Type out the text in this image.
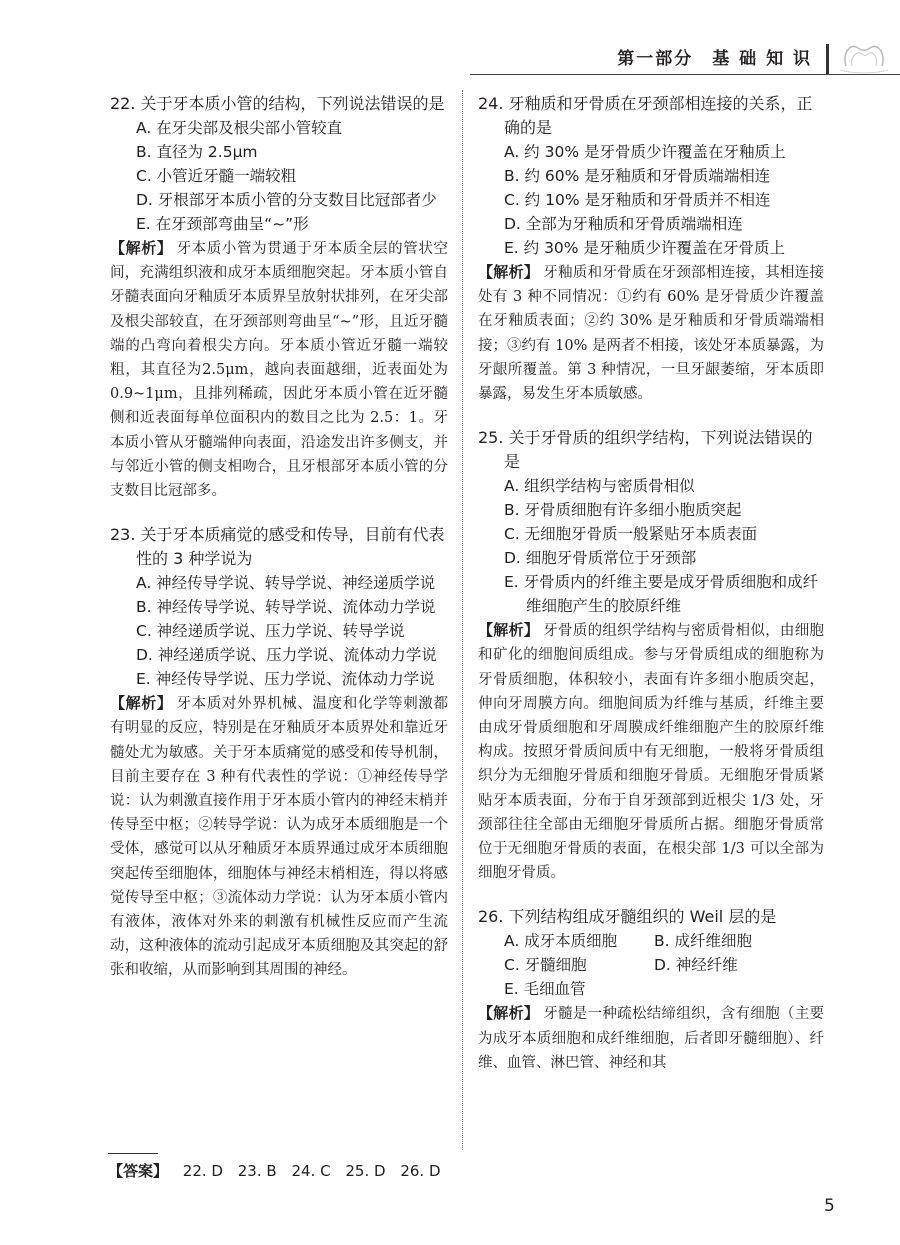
第一部分　基 础 知 识

22. 关于牙本质小管的结构，下列说法错误的是

A. 在牙尖部及根尖部小管较直

B. 直径为 2.5μm

C. 小管近牙髓一端较粗

D. 牙根部牙本质小管的分支数目比冠部者少

E. 在牙颈部弯曲呈“~”形

【解析】 牙本质小管为贯通于牙本质全层的管状空间，充满组织液和成牙本质细胞突起。牙本质小管自牙髓表面向牙釉质牙本质界呈放射状排列，在牙尖部及根尖部较直，在牙颈部则弯曲呈“~”形，且近牙髓端的凸弯向着根尖方向。牙本质小管近牙髓一端较粗，其直径为2.5μm，越向表面越细，近表面处为 0.9~1μm，且排列稀疏，因此牙本质小管在近牙髓侧和近表面每单位面积内的数目之比为 2.5：1。牙本质小管从牙髓端伸向表面，沿途发出许多侧支，并与邻近小管的侧支相吻合，且牙根部牙本质小管的分支数目比冠部多。

23. 关于牙本质痛觉的感受和传导，目前有代表性的 3 种学说为

A. 神经传导学说、转导学说、神经递质学说

B. 神经传导学说、转导学说、流体动力学说

C. 神经递质学说、压力学说、转导学说

D. 神经递质学说、压力学说、流体动力学说

E. 神经传导学说、压力学说、流体动力学说

【解析】 牙本质对外界机械、温度和化学等刺激都有明显的反应，特别是在牙釉质牙本质界处和靠近牙髓处尤为敏感。关于牙本质痛觉的感受和传导机制，目前主要存在 3 种有代表性的学说：①神经传导学说：认为刺激直接作用于牙本质小管内的神经末梢并传导至中枢；②转导学说：认为成牙本质细胞是一个受体，感觉可以从牙釉质牙本质界通过成牙本质细胞突起传至细胞体，细胞体与神经末梢相连，得以将感觉传导至中枢；③流体动力学说：认为牙本质小管内有液体，液体对外来的刺激有机械性反应而产生流动，这种液体的流动引起成牙本质细胞及其突起的舒张和收缩，从而影响到其周围的神经。

24. 牙釉质和牙骨质在牙颈部相连接的关系，正确的是

A. 约 30% 是牙骨质少许覆盖在牙釉质上

B. 约 60% 是牙釉质和牙骨质端端相连

C. 约 10% 是牙釉质和牙骨质并不相连

D. 全部为牙釉质和牙骨质端端相连

E. 约 30% 是牙釉质少许覆盖在牙骨质上

【解析】 牙釉质和牙骨质在牙颈部相连接，其相连接处有 3 种不同情况：①约有 60% 是牙骨质少许覆盖在牙釉质表面；②约 30% 是牙釉质和牙骨质端端相接；③约有 10% 是两者不相接，该处牙本质暴露，为牙龈所覆盖。第 3 种情况，一旦牙龈萎缩，牙本质即暴露，易发生牙本质敏感。

25. 关于牙骨质的组织学结构，下列说法错误的是

A. 组织学结构与密质骨相似

B. 牙骨质细胞有许多细小胞质突起

C. 无细胞牙骨质一般紧贴牙本质表面

D. 细胞牙骨质常位于牙颈部

E. 牙骨质内的纤维主要是成牙骨质细胞和成纤维细胞产生的胶原纤维

【解析】 牙骨质的组织学结构与密质骨相似，由细胞和矿化的细胞间质组成。参与牙骨质组成的细胞称为牙骨质细胞，体积较小，表面有许多细小胞质突起，伸向牙周膜方向。细胞间质为纤维与基质，纤维主要由成牙骨质细胞和牙周膜成纤维细胞产生的胶原纤维构成。按照牙骨质间质中有无细胞，一般将牙骨质组织分为无细胞牙骨质和细胞牙骨质。无细胞牙骨质紧贴牙本质表面，分布于自牙颈部到近根尖 1/3 处，牙颈部往往全部由无细胞牙骨质所占据。细胞牙骨质常位于无细胞牙骨质的表面，在根尖部 1/3 可以全部为细胞牙骨质。

26. 下列结构组成牙髓组织的 Weil 层的是

A. 成牙本质细胞	B. 成纤维细胞

C. 牙髓细胞	D. 神经纤维

E. 毛细血管

【解析】 牙髓是一种疏松结缔组织，含有细胞（主要为成牙本质细胞和成纤维细胞，后者即牙髓细胞）、纤维、血管、淋巴管、神经和其

【答案】 22. D 23. B 24. C 25. D 26. D
5
